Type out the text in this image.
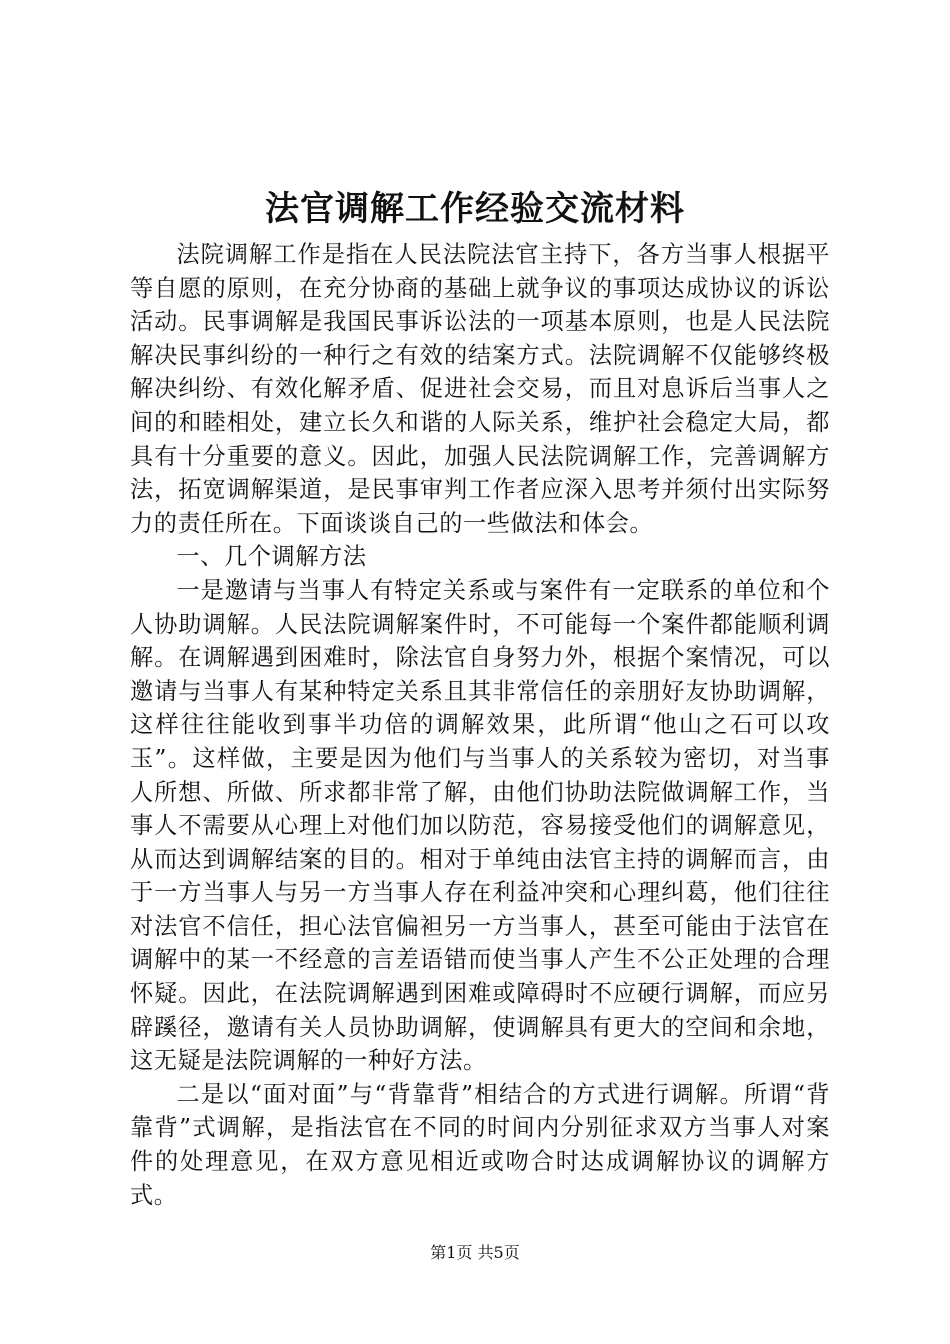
法官调解工作经验交流材料

法院调解工作是指在人民法院法官主持下，各方当事人根据平等自愿的原则，在充分协商的基础上就争议的事项达成协议的诉讼活动。民事调解是我国民事诉讼法的一项基本原则，也是人民法院解决民事纠纷的一种行之有效的结案方式。法院调解不仅能够终极解决纠纷、有效化解矛盾、促进社会交易，而且对息诉后当事人之间的和睦相处，建立长久和谐的人际关系，维护社会稳定大局，都具有十分重要的意义。因此，加强人民法院调解工作，完善调解方法，拓宽调解渠道，是民事审判工作者应深入思考并须付出实际努力的责任所在。下面谈谈自己的一些做法和体会。

一、几个调解方法

一是邀请与当事人有特定关系或与案件有一定联系的单位和个人协助调解。人民法院调解案件时，不可能每一个案件都能顺利调解。在调解遇到困难时，除法官自身努力外，根据个案情况，可以邀请与当事人有某种特定关系且其非常信任的亲朋好友协助调解，这样往往能收到事半功倍的调解效果，此所谓“他山之石可以攻玉”。这样做，主要是因为他们与当事人的关系较为密切，对当事人所想、所做、所求都非常了解，由他们协助法院做调解工作，当事人不需要从心理上对他们加以防范，容易接受他们的调解意见，从而达到调解结案的目的。相对于单纯由法官主持的调解而言，由于一方当事人与另一方当事人存在利益冲突和心理纠葛，他们往往对法官不信任，担心法官偏袒另一方当事人，甚至可能由于法官在调解中的某一不经意的言差语错而使当事人产生不公正处理的合理怀疑。因此，在法院调解遇到困难或障碍时不应硬行调解，而应另辟蹊径，邀请有关人员协助调解，使调解具有更大的空间和余地，这无疑是法院调解的一种好方法。

二是以“面对面”与“背靠背”相结合的方式进行调解。所谓“背靠背”式调解，是指法官在不同的时间内分别征求双方当事人对案件的处理意见，在双方意见相近或吻合时达成调解协议的调解方式。

第1页 共5页
